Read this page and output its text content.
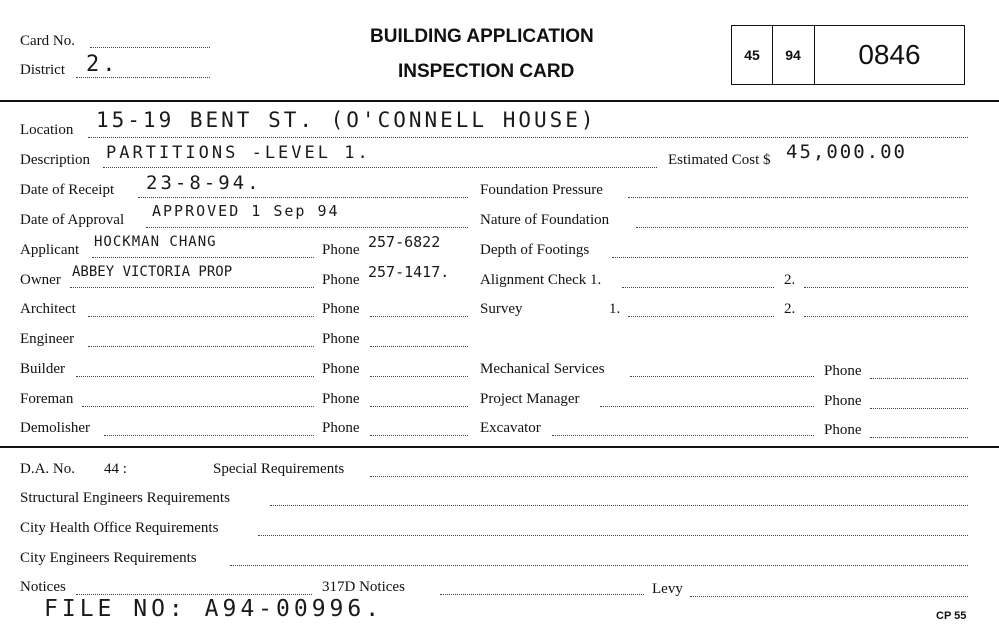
Card No.
District 2.
BUILDING APPLICATION
INSPECTION CARD
45	94	0846
Location 15-19 BENT ST. (O'CONNELL HOUSE)
Description PARTITIONS -LEVEL 1.	Estimated Cost $ 45,000.00
Date of Receipt 23-8-94.
Date of Approval APPROVED 1 Sep 94
Applicant HOCKMAN CHANG	Phone 257-6822
Owner ABBEY VICTORIA PROP	Phone 257-1417.
Architect	Phone
Engineer	Phone
Builder	Phone
Foreman	Phone
Demolisher	Phone
Foundation Pressure
Nature of Foundation
Depth of Footings
Alignment Check 1.	2.
Survey	1.	2.
Mechanical Services	Phone
Project Manager	Phone
Excavator	Phone
D.A. No. 44 :	Special Requirements
Structural Engineers Requirements
City Health Office Requirements
City Engineers Requirements
Notices	317D Notices	Levy
FILE NO: A94-00996.	CP 55
